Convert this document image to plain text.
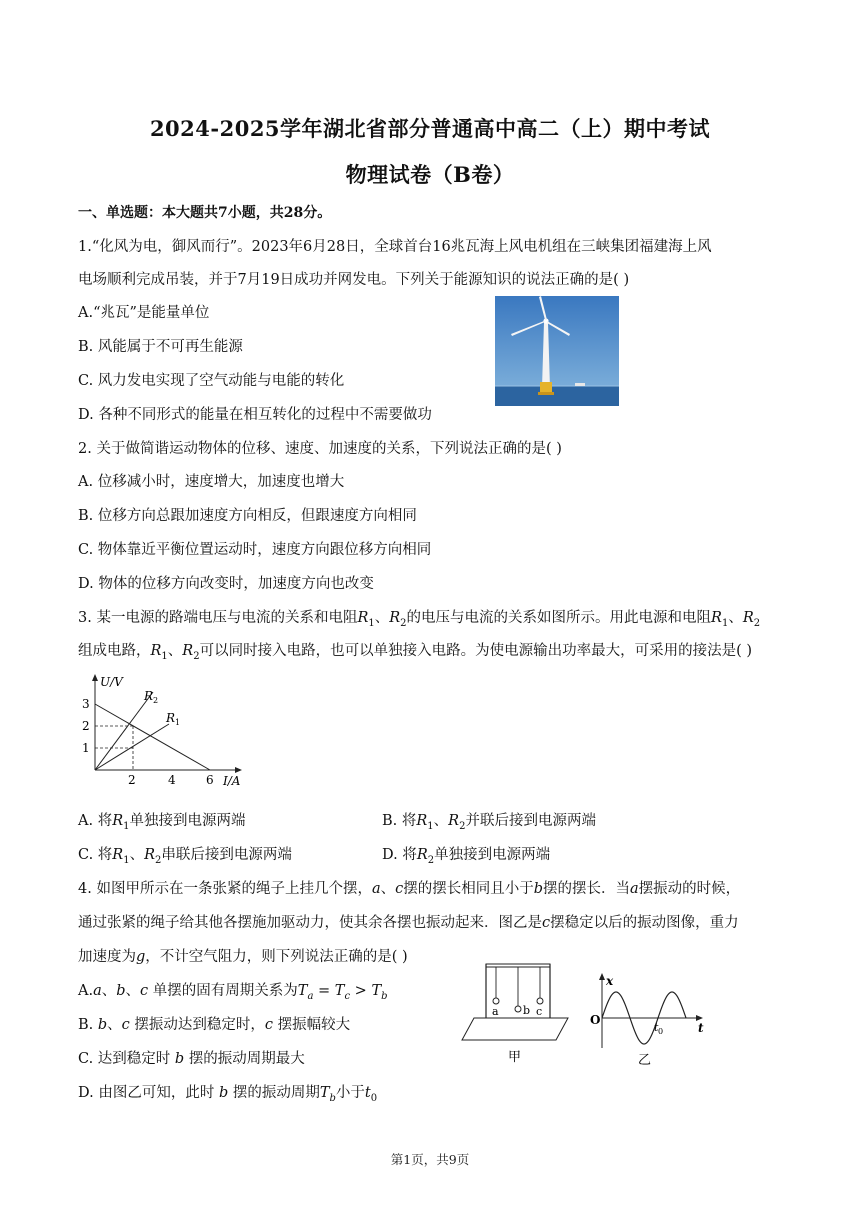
2024-2025学年湖北省部分普通高中高二（上）期中考试
物理试卷（B卷）
一、单选题：本大题共7小题，共28分。
1.“化风为电，御风而行”。2023年6月28日，全球首台16兆瓦海上风电机组在三峡集团福建海上风
电场顺利完成吊装，并于7月19日成功并网发电。下列关于能源知识的说法正确的是( )
A.“兆瓦”是能量单位
B. 风能属于不可再生能源
C. 风力发电实现了空气动能与电能的转化
D. 各种不同形式的能量在相互转化的过程中不需要做功
2. 关于做简谐运动物体的位移、速度、加速度的关系，下列说法正确的是( )
A. 位移减小时，速度增大，加速度也增大
B. 位移方向总跟加速度方向相反，但跟速度方向相同
C. 物体靠近平衡位置运动时，速度方向跟位移方向相同
D. 物体的位移方向改变时，加速度方向也改变
3. 某一电源的路端电压与电流的关系和电阻$R_1$、$R_2$的电压与电流的关系如图所示。用此电源和电阻$R_1$、$R_2$
组成电路，$R_1$、$R_2$可以同时接入电路，也可以单独接入电路。为使电源输出功率最大，可采用的接法是( )
U/V
I/A
3
2
1
2	4	6
R 2
R 1
A. 将$R_1$单独接到电源两端	B. 将$R_1$、$R_2$并联后接到电源两端
C. 将$R_1$、$R_2$串联后接到电源两端	D. 将$R_2$单独接到电源两端
4. 如图甲所示在一条张紧的绳子上挂几个摆，a、c摆的摆长相同且小于b摆的摆长．当a摆振动的时候，
通过张紧的绳子给其他各摆施加驱动力，使其余各摆也振动起来．图乙是c摆稳定以后的振动图像，重力
加速度为g，不计空气阻力，则下列说法正确的是( )
A.a、b、c 单摆的固有周期关系为$T_a = T_c > T_b$
B. b、c 摆振动达到稳定时，c 摆振幅较大
C. 达到稳定时 b 摆的振动周期最大
D. 由图乙可知，此时 b 摆的振动周期$T_b$小于$t_0$
a b c
甲
x
t
O
t 0
乙
第1页，共9页
